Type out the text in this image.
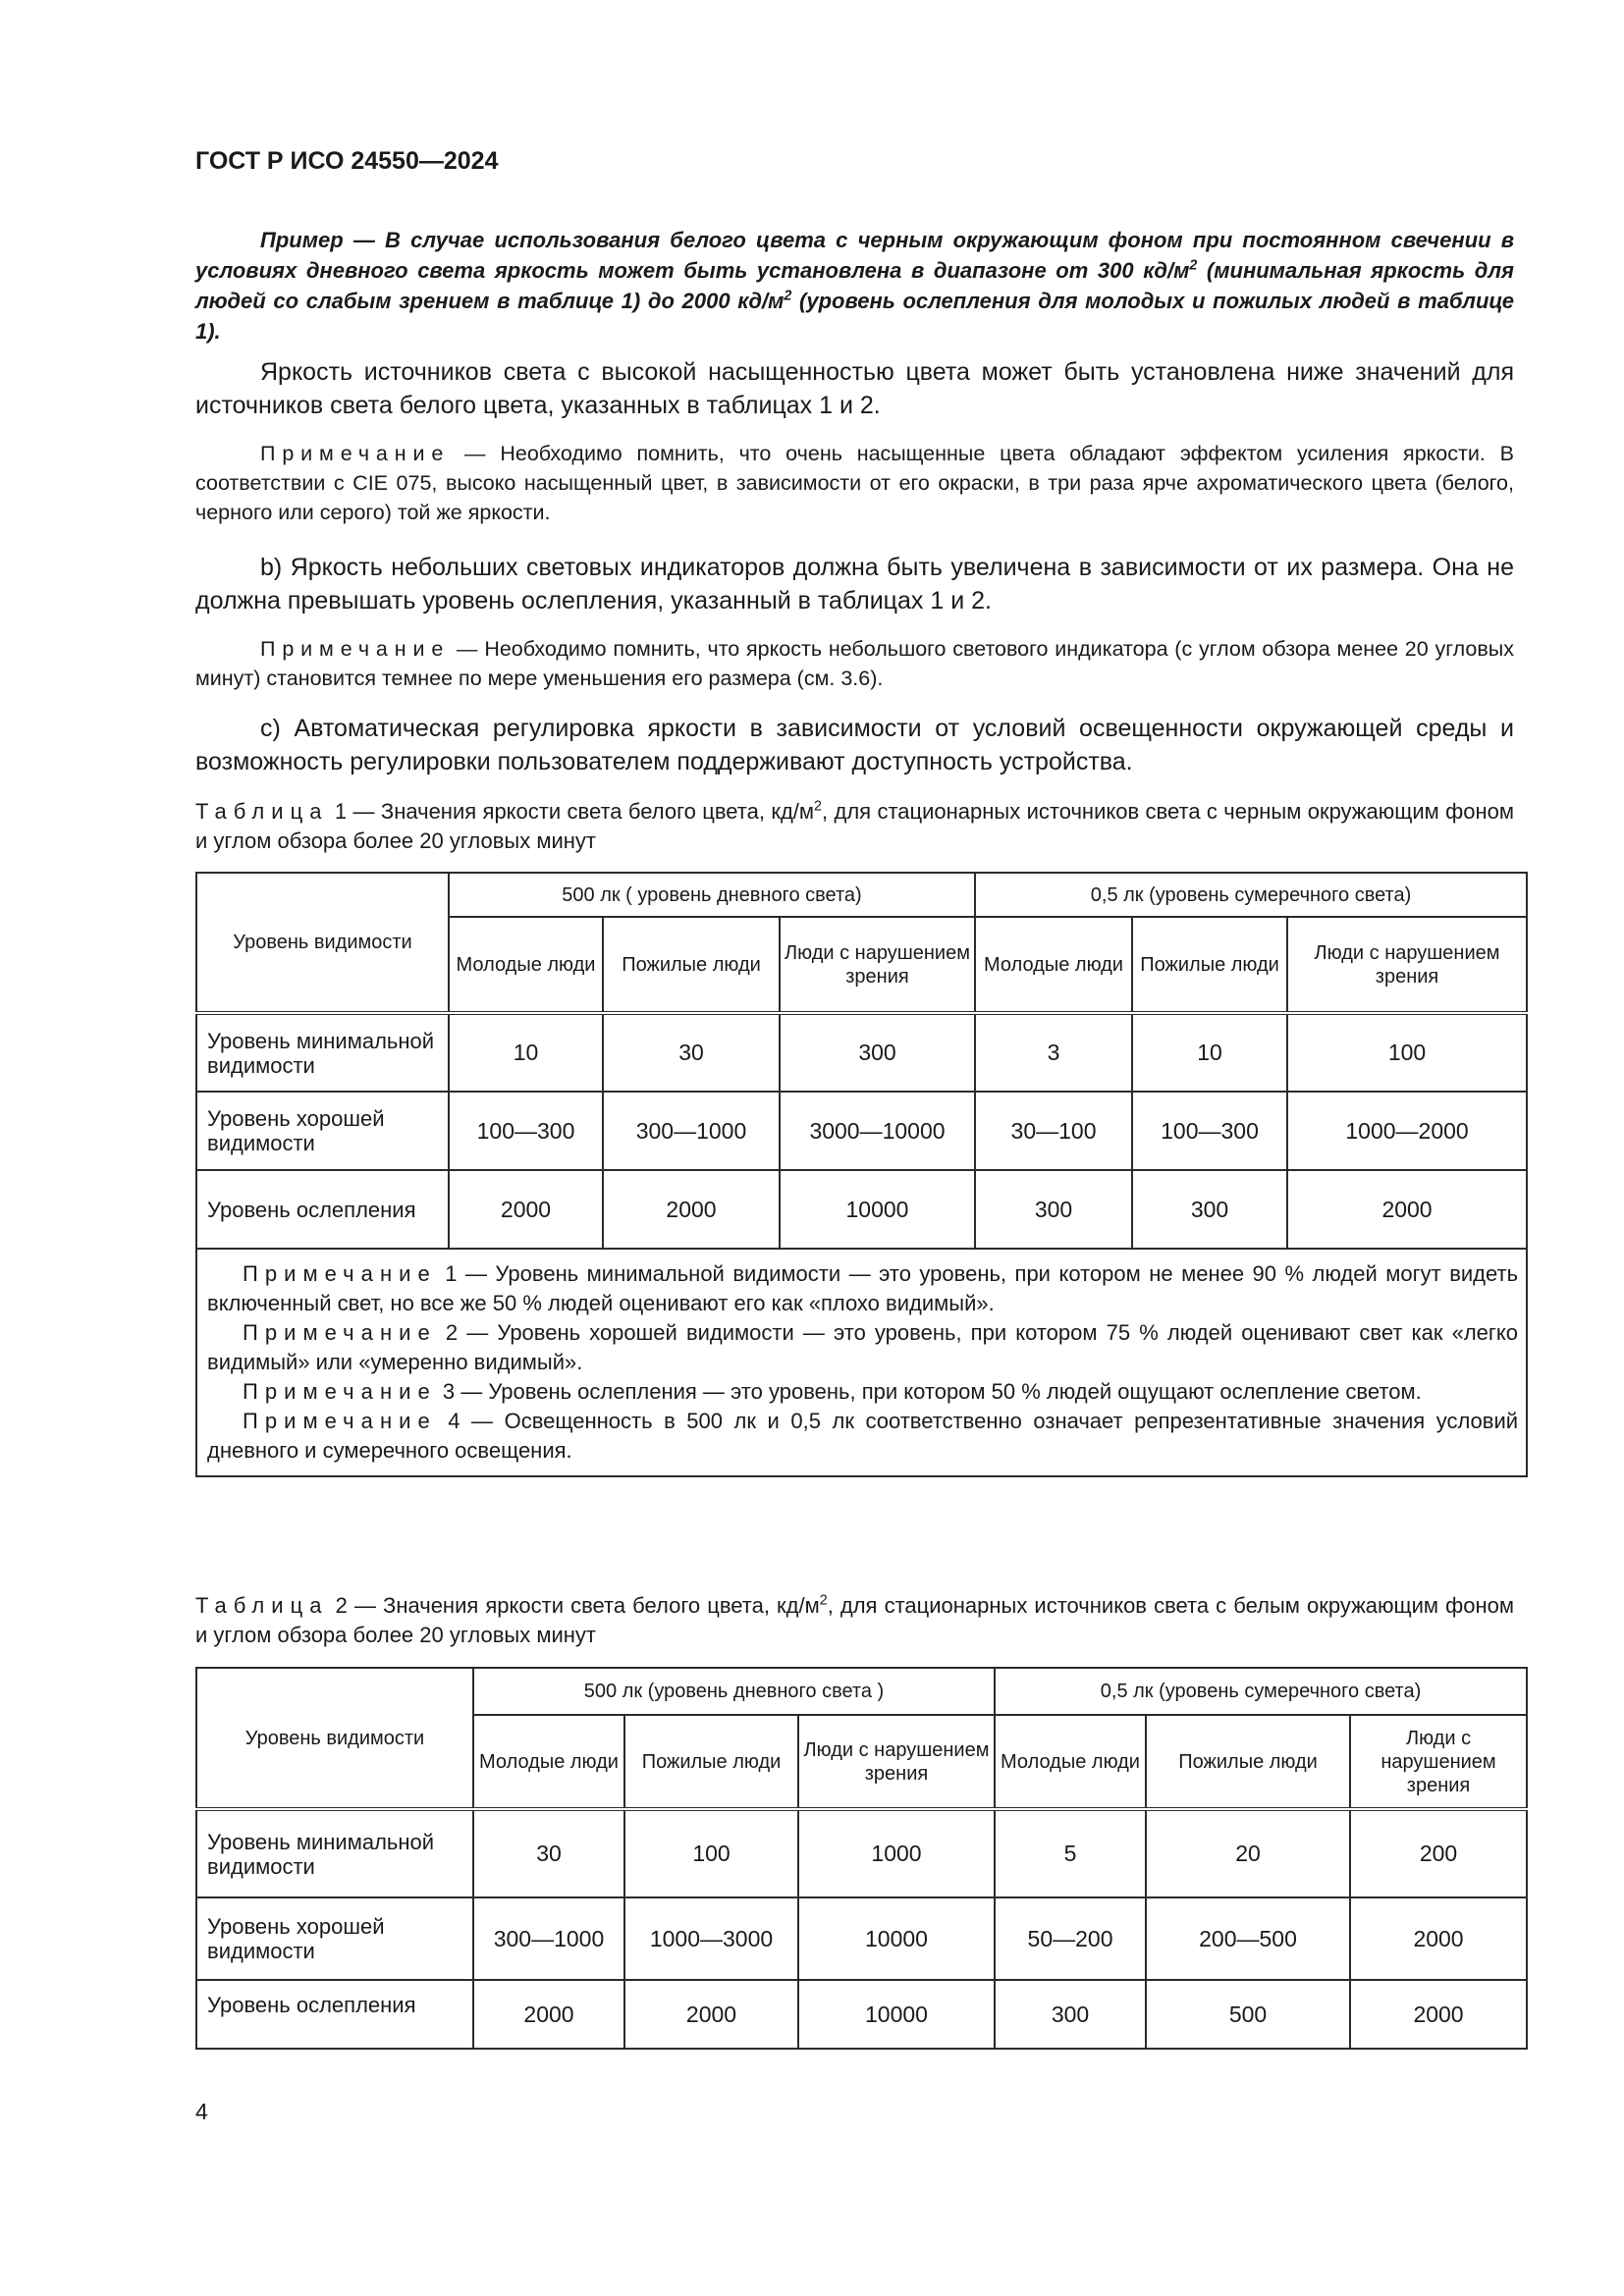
ГОСТ Р ИСО 24550—2024

Пример — В случае использования белого цвета с черным окружающим фоном при постоянном свечении в условиях дневного света яркость может быть установлена в диапазоне от 300 $кд/м^2$ (минимальная яркость для людей со слабым зрением в таблице 1) до 2000 $кд/м^2$ (уровень ослепления для молодых и пожилых людей в таблице 1).

Яркость источников света с высокой насыщенностью цвета может быть установлена ниже значений для источников света белого цвета, указанных в таблицах 1 и 2.

Примечание — Необходимо помнить, что очень насыщенные цвета обладают эффектом усиления яркости. В соответствии с CIE 075, высоко насыщенный цвет, в зависимости от его окраски, в три раза ярче ахроматического цвета (белого, черного или серого) той же яркости.

b) Яркость небольших световых индикаторов должна быть увеличена в зависимости от их размера. Она не должна превышать уровень ослепления, указанный в таблицах 1 и 2.

Примечание — Необходимо помнить, что яркость небольшого светового индикатора (с углом обзора менее 20 угловых минут) становится темнее по мере уменьшения его размера (см. 3.6).

c) Автоматическая регулировка яркости в зависимости от условий освещенности окружающей среды и возможность регулировки пользователем поддерживают доступность устройства.

Таблица 1 — Значения яркости света белого цвета, $кд/м^2$, для стационарных источников света с черным окружающим фоном и углом обзора более 20 угловых минут

Уровень видимости	500 лк ( уровень дневного света)			0,5 лк (уровень сумеречного света)		
	Молодые люди	Пожилые люди	Люди с нарушением зрения	Молодые люди	Пожилые люди	Люди с нарушением зрения
Уровень минимальной видимости	10	30	300	3	10	100
Уровень хорошей видимости	100—300	300—1000	3000—10000	30—100	100—300	1000—2000
Уровень ослепления	2000	2000	10000	300	300	2000

Примечание 1 — Уровень минимальной видимости — это уровень, при котором не менее 90 % людей могут видеть включенный свет, но все же 50 % людей оценивают его как «плохо видимый».

Примечание 2 — Уровень хорошей видимости — это уровень, при котором 75 % людей оценивают свет как «легко видимый» или «умеренно видимый».

Примечание 3 — Уровень ослепления — это уровень, при котором 50 % людей ощущают ослепление светом.

Примечание 4 — Освещенность в 500 лк и 0,5 лк соответственно означает репрезентативные значения условий дневного и сумеречного освещения.						

Таблица 2 — Значения яркости света белого цвета, $кд/м^2$, для стационарных источников света с белым окружающим фоном и углом обзора более 20 угловых минут

Уровень видимости	500 лк (уровень дневного света )			0,5 лк (уровень сумеречного света)		
	Молодые люди	Пожилые люди	Люди с нарушением зрения	Молодые люди	Пожилые люди	Люди с нарушением зрения
Уровень минимальной видимости	30	100	1000	5	20	200
Уровень хорошей видимости	300—1000	1000—3000	10000	50—200	200—500	2000
Уровень ослепления	2000	2000	10000	300	500	2000
4
